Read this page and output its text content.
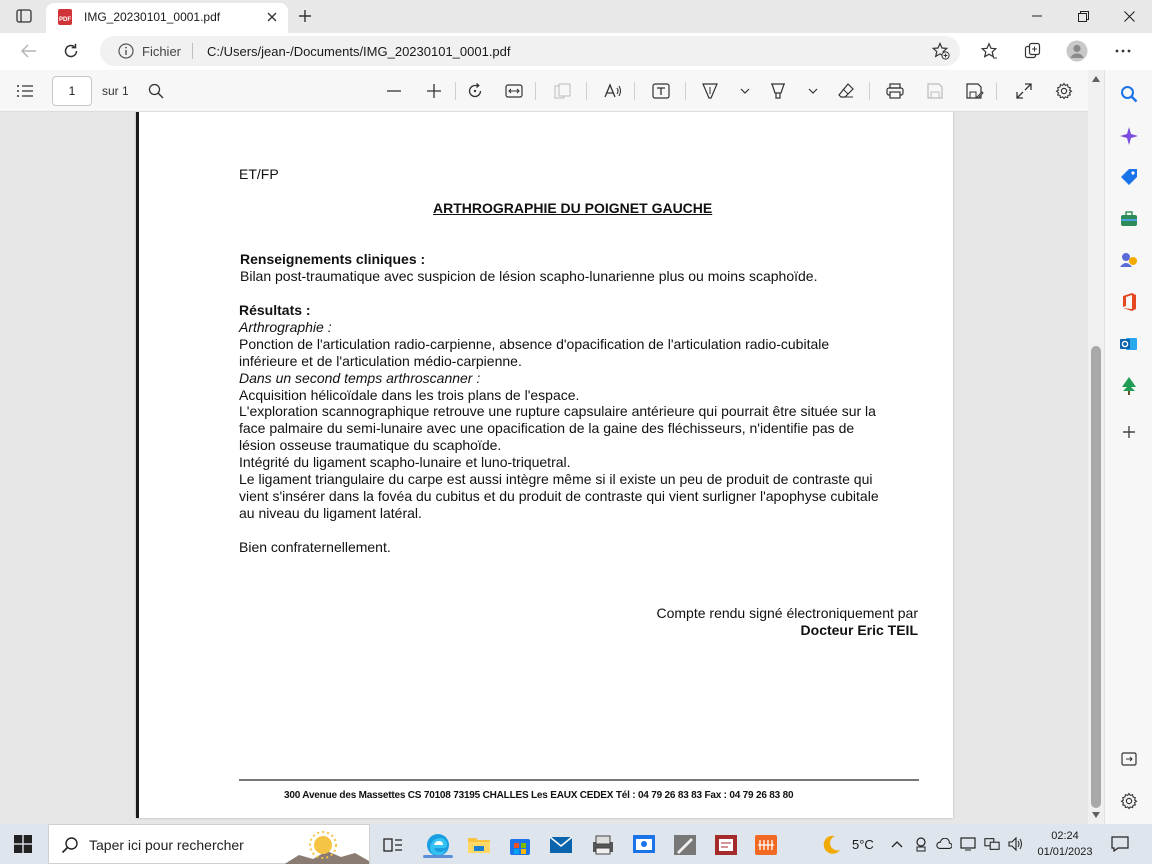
PDF IMG_20230101_0001.pdf
Fichier C:/Users/jean-/Documents/IMG_20230101_0001.pdf
1	sur 1
ET/FP
ARTHROGRAPHIE DU POIGNET GAUCHE
Renseignements cliniques :
Bilan post-traumatique avec suspicion de lésion scapho-lunarienne plus ou moins scaphoïde.
Résultats :
Arthrographie :
Ponction de l'articulation radio-carpienne, absence d'opacification de l'articulation radio-cubitale
inférieure et de l'articulation médio-carpienne.
Dans un second temps arthroscanner :
Acquisition hélicoïdale dans les trois plans de l'espace.
L'exploration scannographique retrouve une rupture capsulaire antérieure qui pourrait être située sur la
face palmaire du semi-lunaire avec une opacification de la gaine des fléchisseurs, n'identifie pas de
lésion osseuse traumatique du scaphoïde.
Intégrité du ligament scapho-lunaire et luno-triquetral.
Le ligament triangulaire du carpe est aussi intègre même si il existe un peu de produit de contraste qui
vient s'insérer dans la fovéa du cubitus et du produit de contraste qui vient surligner l'apophyse cubitale
au niveau du ligament latéral.
Bien confraternellement.
Compte rendu signé électroniquement par
Docteur Eric TEIL
300 Avenue des Massettes CS 70108 73195 CHALLES Les EAUX CEDEX Tél : 04 79 26 83 83 Fax : 04 79 26 83 80
Taper ici pour rechercher	5°C
02:24
01/01/2023
